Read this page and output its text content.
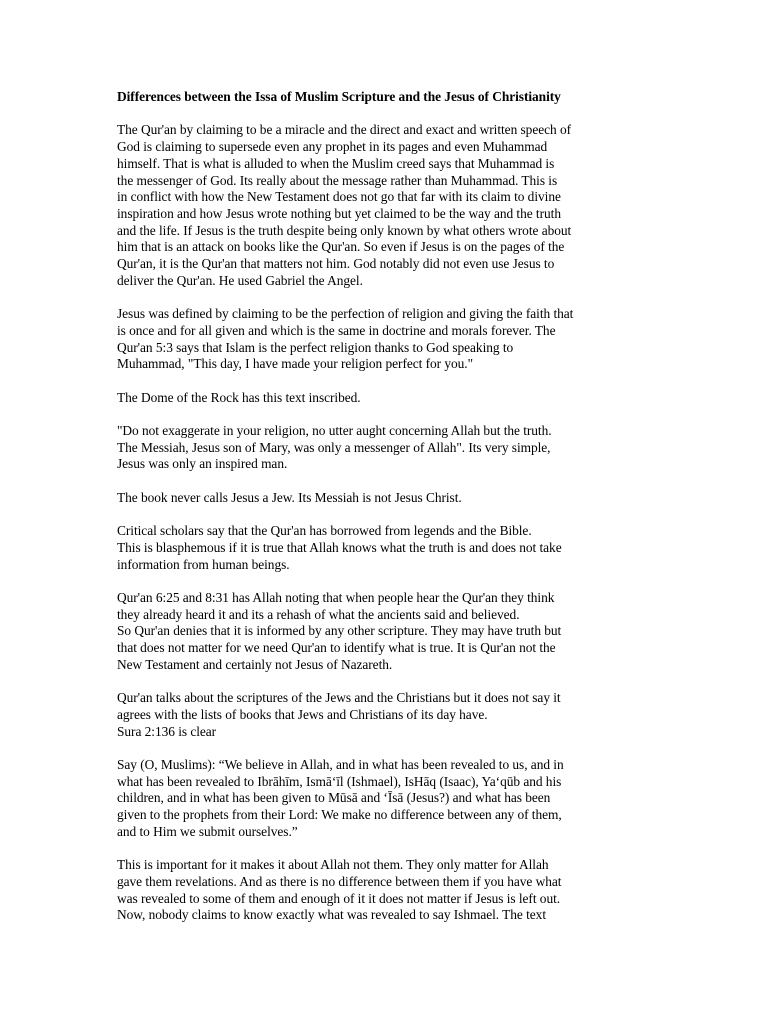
Differences between the Issa of Muslim Scripture and the Jesus of Christianity
The Qur'an by claiming to be a miracle and the direct and exact and written speech of
God is claiming to supersede even any prophet in its pages and even Muhammad
himself. That is what is alluded to when the Muslim creed says that Muhammad is
the messenger of God. Its really about the message rather than Muhammad. This is
in conflict with how the New Testament does not go that far with its claim to divine
inspiration and how Jesus wrote nothing but yet claimed to be the way and the truth
and the life. If Jesus is the truth despite being only known by what others wrote about
him that is an attack on books like the Qur'an. So even if Jesus is on the pages of the
Qur'an, it is the Qur'an that matters not him. God notably did not even use Jesus to
deliver the Qur'an. He used Gabriel the Angel.
Jesus was defined by claiming to be the perfection of religion and giving the faith that
is once and for all given and which is the same in doctrine and morals forever. The
Qur'an 5:3 says that Islam is the perfect religion thanks to God speaking to
Muhammad, "This day, I have made your religion perfect for you."
The Dome of the Rock has this text inscribed.
"Do not exaggerate in your religion, no utter aught concerning Allah but the truth.
The Messiah, Jesus son of Mary, was only a messenger of Allah". Its very simple,
Jesus was only an inspired man.
The book never calls Jesus a Jew. Its Messiah is not Jesus Christ.
Critical scholars say that the Qur'an has borrowed from legends and the Bible.
This is blasphemous if it is true that Allah knows what the truth is and does not take
information from human beings.
Qur'an 6:25 and 8:31 has Allah noting that when people hear the Qur'an they think
they already heard it and its a rehash of what the ancients said and believed.
So Qur'an denies that it is informed by any other scripture. They may have truth but
that does not matter for we need Qur'an to identify what is true. It is Qur'an not the
New Testament and certainly not Jesus of Nazareth.
Qur'an talks about the scriptures of the Jews and the Christians but it does not say it
agrees with the lists of books that Jews and Christians of its day have.
Sura 2:136 is clear
Say (O, Muslims): “We believe in Allah, and in what has been revealed to us, and in
what has been revealed to Ibrāhīm, Ismā‘īl (Ishmael), IsHāq (Isaac), Ya‘qūb and his
children, and in what has been given to Mūsā and ‘Īsā (Jesus?) and what has been
given to the prophets from their Lord: We make no difference between any of them,
and to Him we submit ourselves.”
This is important for it makes it about Allah not them. They only matter for Allah
gave them revelations. And as there is no difference between them if you have what
was revealed to some of them and enough of it it does not matter if Jesus is left out.
Now, nobody claims to know exactly what was revealed to say Ishmael. The text
